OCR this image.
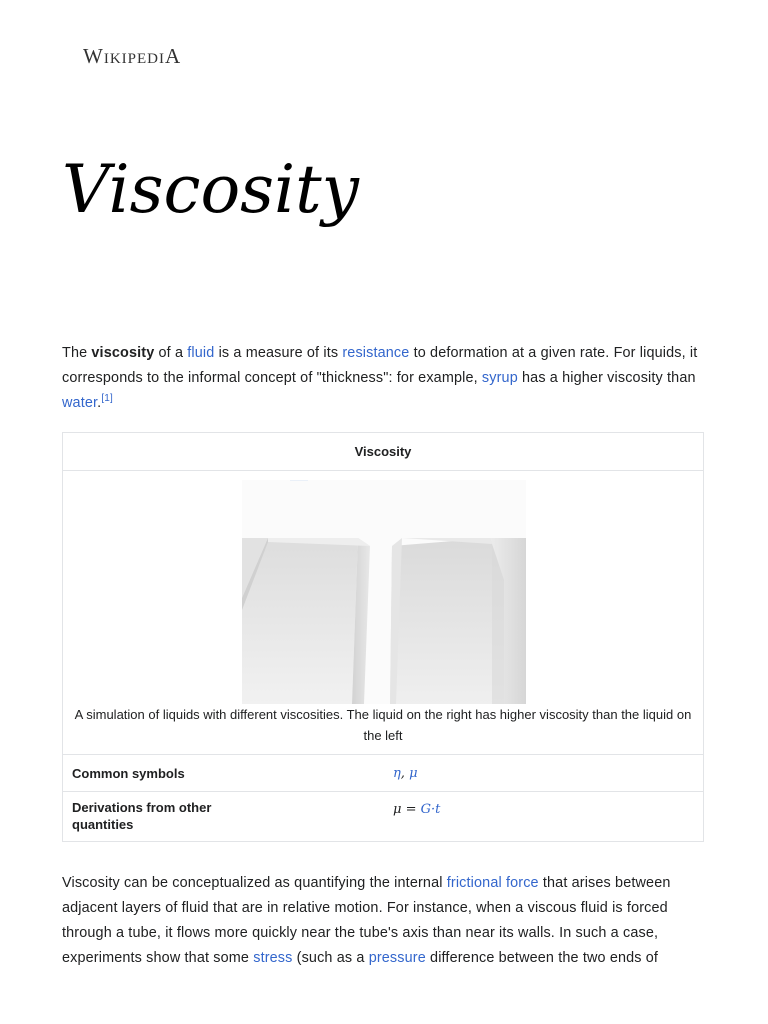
WIKIPEDIA
Viscosity

The viscosity of a fluid is a measure of its resistance to deformation at a given rate. For liquids, it corresponds to the informal concept of "thickness": for example, syrup has a higher viscosity than water.[1]

Viscosity
A simulation of liquids with different viscosities. The liquid on the right has higher viscosity than the liquid on the left
Common symbols	η, μ
Derivations from other quantities
μ = G·t

Viscosity can be conceptualized as quantifying the internal frictional force that arises between adjacent layers of fluid that are in relative motion. For instance, when a viscous fluid is forced through a tube, it flows more quickly near the tube's axis than near its walls. In such a case, experiments show that some stress (such as a pressure difference between the two ends of
